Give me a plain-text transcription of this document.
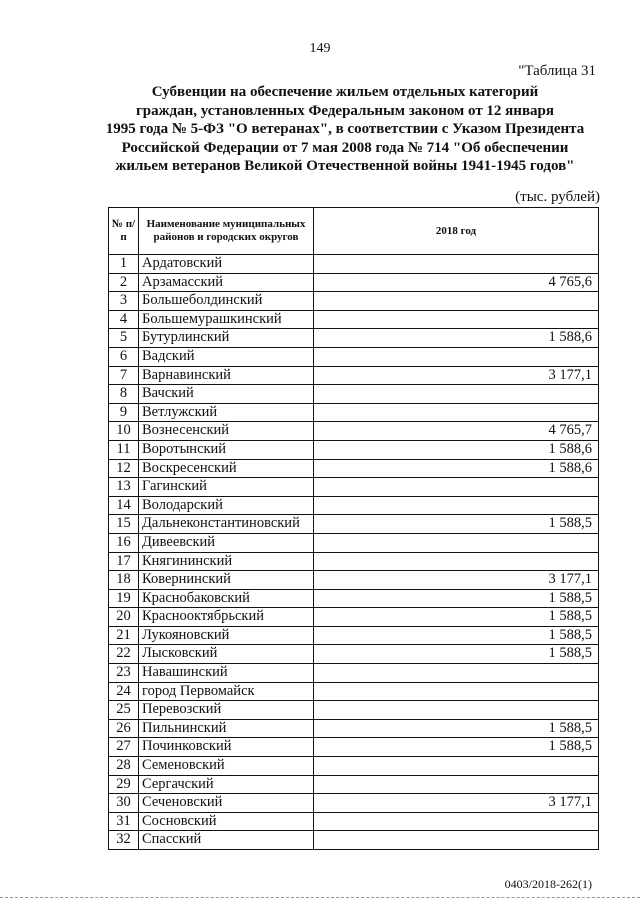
149
"Таблица 31
Субвенции на обеспечение жильем отдельных категорий
граждан, установленных Федеральным законом от 12 января
1995 года № 5-ФЗ "О ветеранах", в соответствии с Указом Президента
Российской Федерации от 7 мая 2008 года № 714 "Об обеспечении
жильем ветеранов Великой Отечественной войны 1941-1945 годов"
(тыс. рублей)
№ п/п	Наименование муниципальных районов и городских округов	2018 год
1	Ардатовский	
2	Арзамасский	4 765,6
3	Большеболдинский	
4	Большемурашкинский	
5	Бутурлинский	1 588,6
6	Вадский	
7	Варнавинский	3 177,1
8	Вачский	
9	Ветлужский	
10	Вознесенский	4 765,7
11	Воротынский	1 588,6
12	Воскресенский	1 588,6
13	Гагинский	
14	Володарский	
15	Дальнеконстантиновский	1 588,5
16	Дивеевский	
17	Княгининский	
18	Ковернинский	3 177,1
19	Краснобаковский	1 588,5
20	Краснооктябрьский	1 588,5
21	Лукояновский	1 588,5
22	Лысковский	1 588,5
23	Навашинский	
24	город Первомайск	
25	Перевозский	
26	Пильнинский	1 588,5
27	Починковский	1 588,5
28	Семеновский	
29	Сергачский	
30	Сеченовский	3 177,1
31	Сосновский	
32	Спасский	
0403/2018-262(1)
